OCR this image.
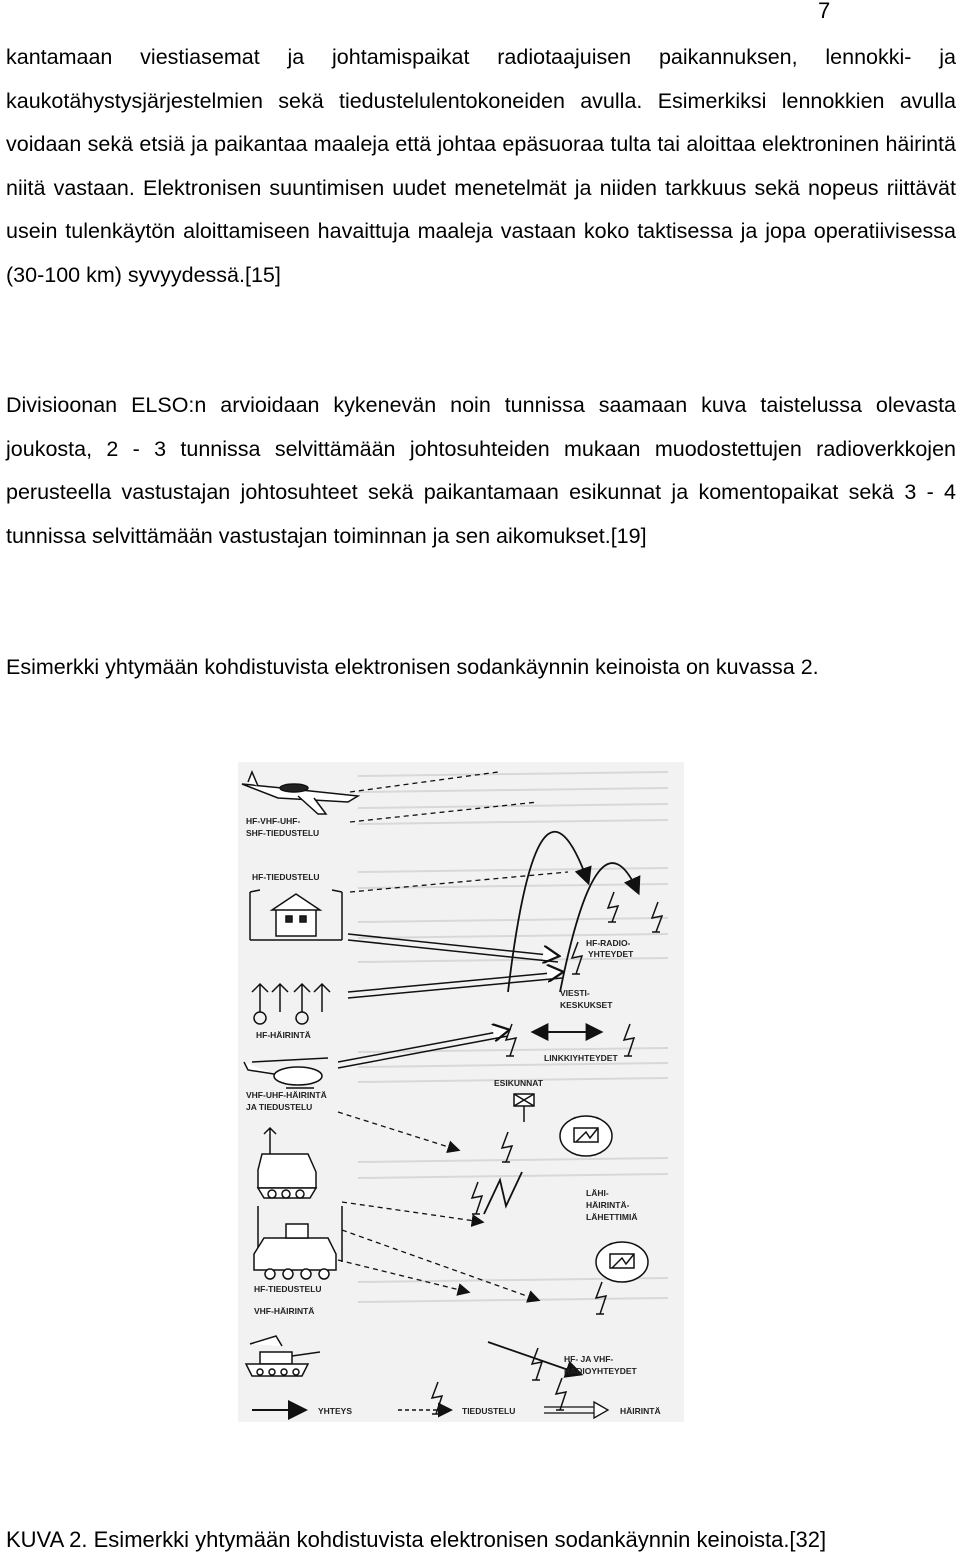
7

kantamaan viestiasemat ja johtamispaikat radiotaajuisen paikannuksen, lennokki- ja kaukotähystysjärjestelmien sekä tiedustelulentokoneiden avulla. Esimerkiksi lennokkien avulla voidaan sekä etsiä ja paikantaa maaleja että johtaa epäsuoraa tulta tai aloittaa elektroninen häirintä niitä vastaan. Elektronisen suuntimisen uudet menetelmät ja niiden tarkkuus sekä nopeus riittävät usein tulenkäytön aloittamiseen havaittuja maaleja vastaan koko taktisessa ja jopa operatiivisessa (30-100 km) syvyydessä.[15]

Divisioonan ELSO:n arvioidaan kykenevän noin tunnissa saamaan kuva taistelussa olevasta joukosta, 2 - 3 tunnissa selvittämään johtosuhteiden mukaan muodostettujen radioverkkojen perusteella vastustajan johtosuhteet sekä paikantamaan esikunnat ja komentopaikat sekä 3 - 4 tunnissa selvittämään vastustajan toiminnan ja sen aikomukset.[19]

Esimerkki yhtymään kohdistuvista elektronisen sodankäynnin keinoista on kuvassa 2.

HF-VHF-UHF-
SHF-TIEDUSTELU
HF-TIEDUSTELU
HF-HÄIRINTÄ
VHF-UHF-HÄIRINTÄ
JA TIEDUSTELU
HF-TIEDUSTELU
VHF-HÄIRINTÄ
HF-RADIO-
YHTEYDET
VIESTI-
KESKUKSET
LINKKIYHTEYDET
ESIKUNNAT
LÄHI-
HÄIRINTÄ-
LÄHETTIMIÄ
HF- JA VHF-
RADIOYHTEYDET
YHTEYS	TIEDUSTELU	HÄIRINTÄ

KUVA 2. Esimerkki yhtymään kohdistuvista elektronisen sodankäynnin keinoista.[32]
